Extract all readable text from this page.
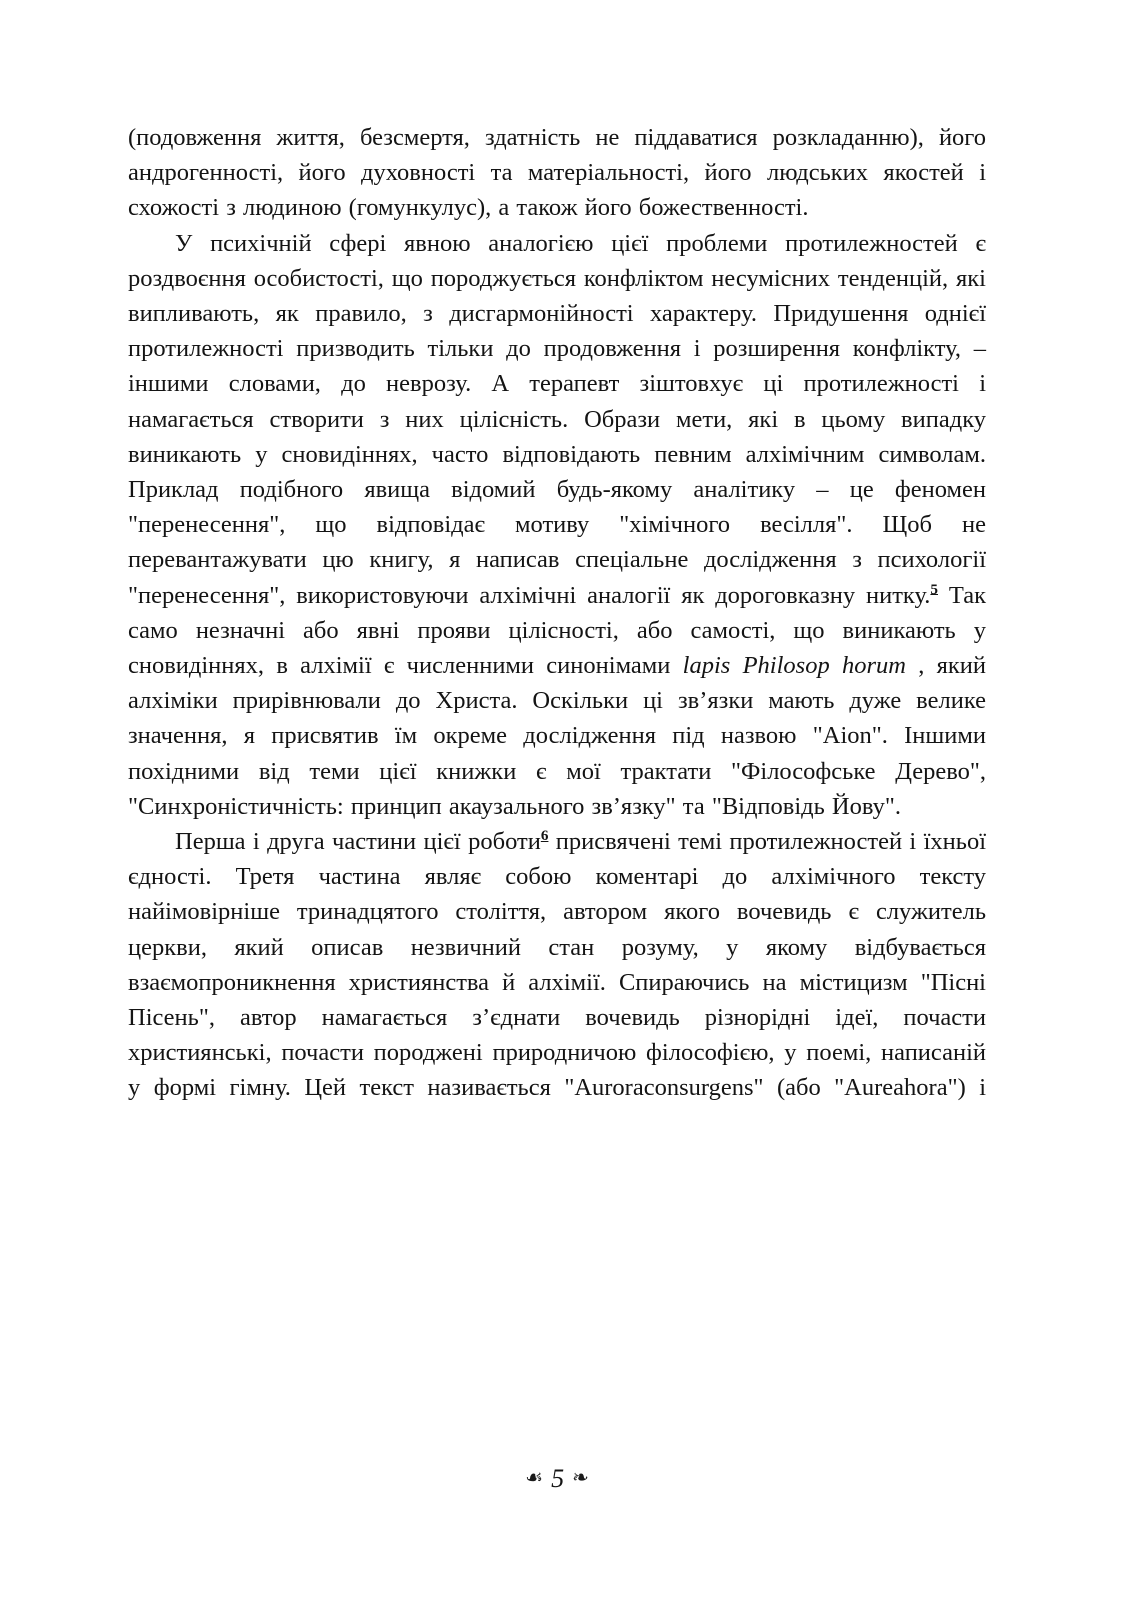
(подовження життя, безсмертя, здатність не піддаватися розкладанню), його андрогенності, його духовності та матеріальності, його людських якостей і схожості з людиною (гомункулус), а також його божественності.

У психічній сфері явною аналогією цієї проблеми протилежностей є роздвоєння особистості, що породжується конфліктом несумісних тенденцій, які випливають, як правило, з дисгармонійності характеру. Придушення однієї протилежності призводить тільки до продовження і розширення конфлікту, – іншими словами, до неврозу. А терапевт зіштовхує ці протилежності і намагається створити з них цілісність. Образи мети, які в цьому випадку виникають у сновидіннях, часто відповідають певним алхімічним символам. Приклад подібного явища відомий будь-якому аналітику – це феномен "перенесення", що відповідає мотиву "хімічного весілля". Щоб не перевантажувати цю книгу, я написав спеціальне дослідження з психології "перенесення", використовуючи алхімічні аналогії як дороговказну нитку.$^5$ Так само незначні або явні прояви цілісності, або самості, що виникають у сновидіннях, в алхімії є численними синонімами lapis Philosop horum , який алхіміки прирівнювали до Христа. Оскільки ці зв’язки мають дуже велике значення, я присвятив їм окреме дослідження під назвою "Aion". Іншими похідними від теми цієї книжки є мої трактати "Філософське Дерево", "Синхроністичність: принцип акаузального зв’язку" та "Відповідь Йову".

Перша і друга частини цієї роботи$^6$ присвячені темі протилежностей і їхньої єдності. Третя частина являє собою коментарі до алхімічного тексту найімовірніше тринадцятого століття, автором якого вочевидь є служитель церкви, який описав незвичний стан розуму, у якому відбувається взаємопроникнення християнства й алхімії. Спираючись на містицизм "Пісні Пісень", автор намагається з’єднати вочевидь різнорідні ідеї, почасти християнські, почасти породжені природничою філософією, у поемі, написаній у формі гімну. Цей текст називається "Auroraconsurgens" (або "Aureahora") і

☙ 5 ❧
